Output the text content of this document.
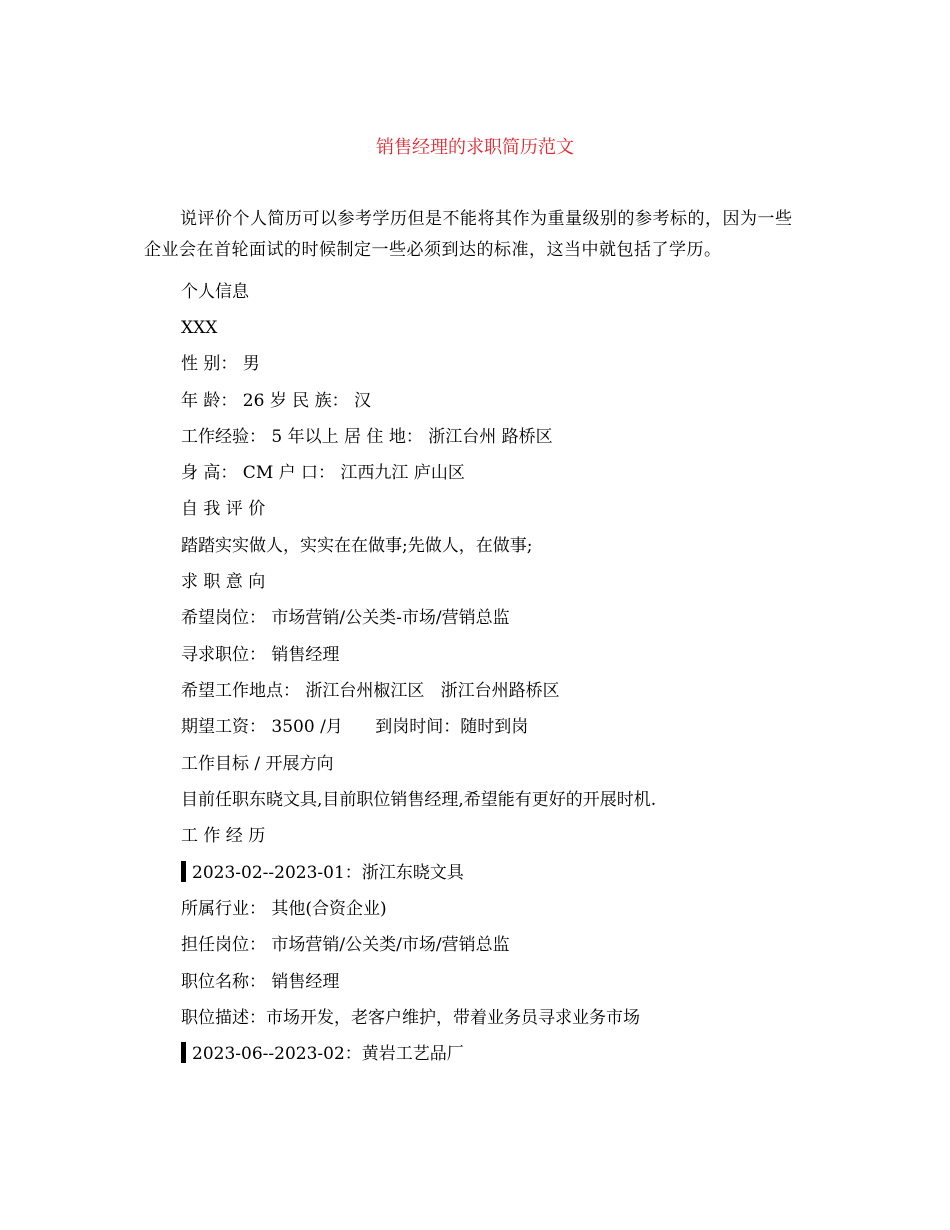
销售经理的求职简历范文
说评价个人简历可以参考学历但是不能将其作为重量级别的参考标的，因为一些企业会在首轮面试的时候制定一些必须到达的标准，这当中就包括了学历。
个人信息
XXX
性 别： 男
年 龄： 26 岁 民 族： 汉
工作经验： 5 年以上 居 住 地： 浙江台州 路桥区
身 高： CM 户 口： 江西九江 庐山区
自 我 评 价
踏踏实实做人，实实在在做事;先做人，在做事;
求 职 意 向
希望岗位： 市场营销/公关类-市场/营销总监
寻求职位： 销售经理
希望工作地点： 浙江台州椒江区   浙江台州路桥区
期望工资： 3500 /月      到岗时间：随时到岗
工作目标 / 开展方向
目前任职东晓文具,目前职位销售经理,希望能有更好的开展时机.
工 作 经 历
2023-02--2023-01：浙江东晓文具
所属行业： 其他(合资企业)
担任岗位： 市场营销/公关类/市场/营销总监
职位名称： 销售经理
职位描述：市场开发，老客户维护，带着业务员寻求业务市场
2023-06--2023-02：黄岩工艺品厂
